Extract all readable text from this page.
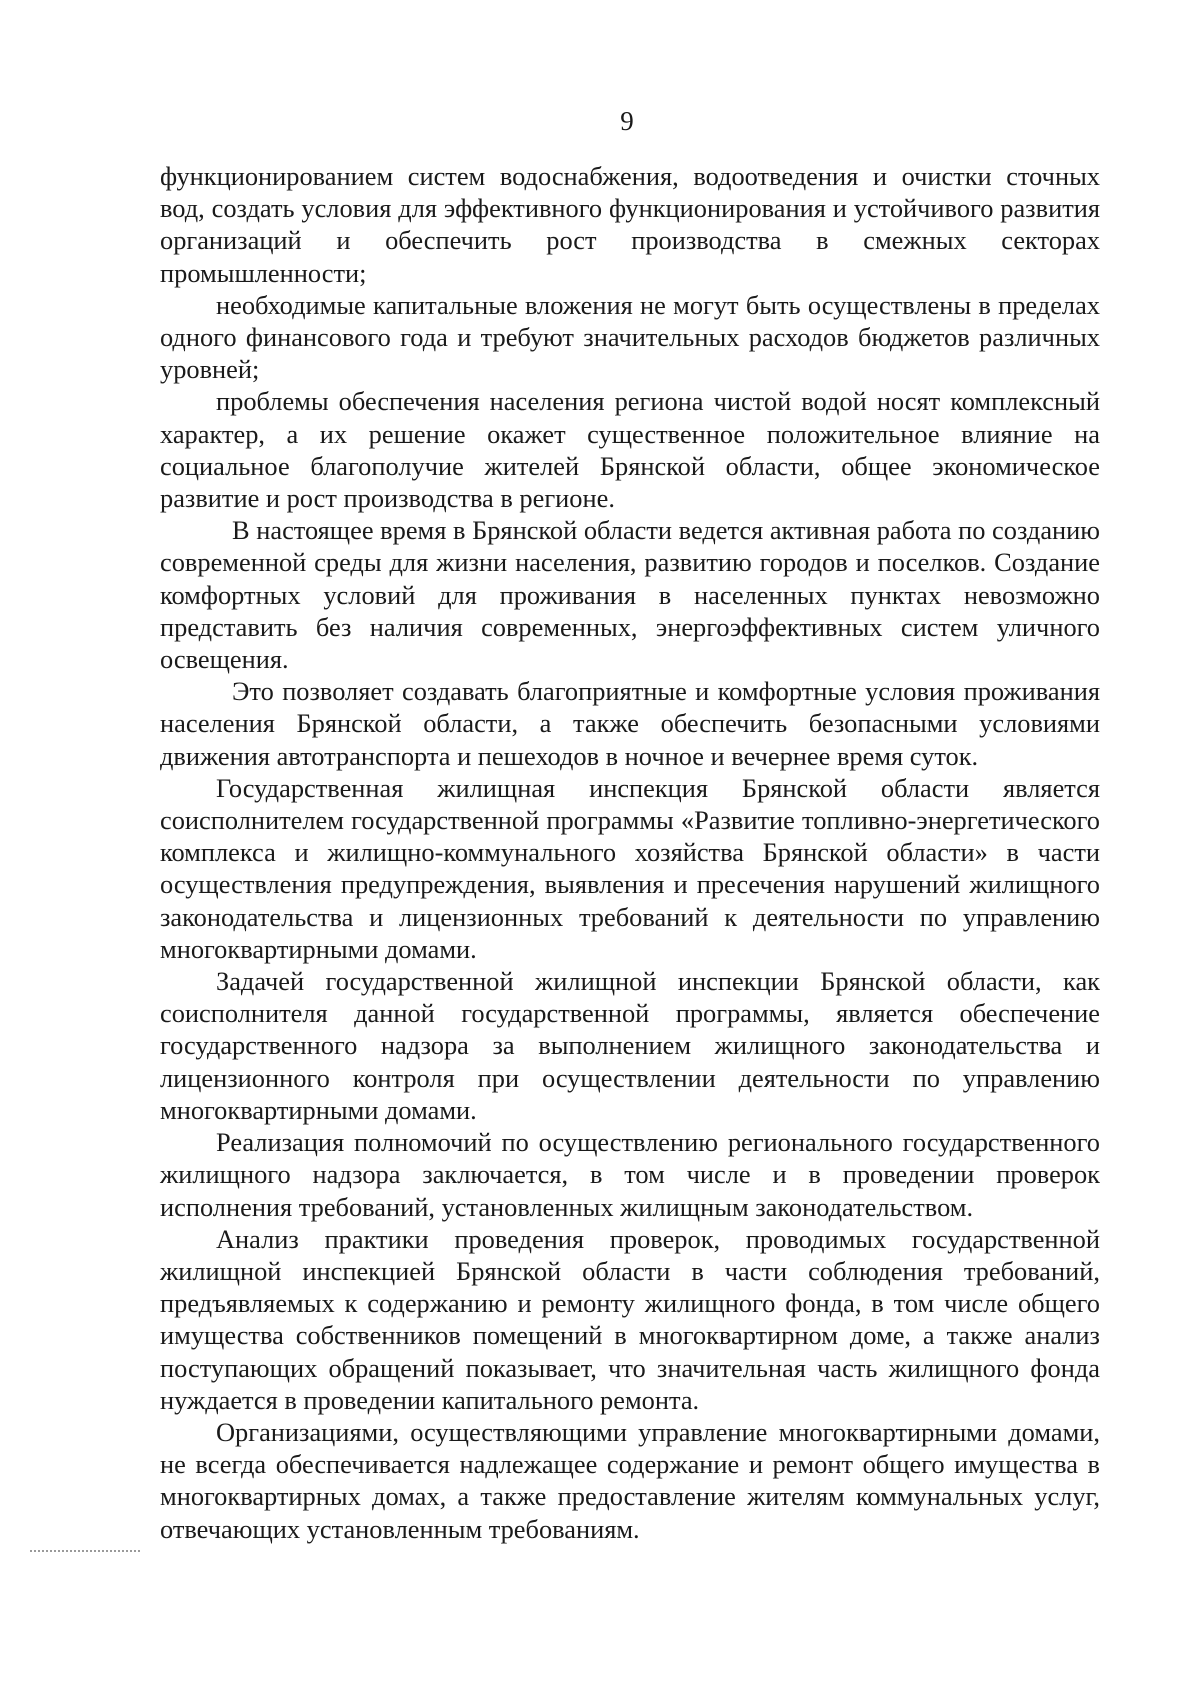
9

функционированием систем водоснабжения, водоотведения и очистки сточных вод, создать условия для эффективного функционирования и устойчивого развития организаций и обеспечить рост производства в смежных секторах промышленности;

необходимые капитальные вложения не могут быть осуществлены в пределах одного финансового года и требуют значительных расходов бюджетов различных уровней;

проблемы обеспечения населения региона чистой водой носят комплексный характер, а их решение окажет существенное положительное влияние на социальное благополучие жителей Брянской области, общее экономическое развитие и рост производства в регионе.

В настоящее время в Брянской области ведется активная работа по созданию современной среды для жизни населения, развитию городов и поселков. Создание комфортных условий для проживания в населенных пунктах невозможно представить без наличия современных, энергоэффективных систем уличного освещения.

Это позволяет создавать благоприятные и комфортные условия проживания населения Брянской области, а также обеспечить безопасными условиями движения автотранспорта и пешеходов в ночное и вечернее время суток.

Государственная жилищная инспекция Брянской области является соисполнителем государственной программы «Развитие топливно-энергетического комплекса и жилищно-коммунального хозяйства Брянской области» в части осуществления предупреждения, выявления и пресечения нарушений жилищного законодательства и лицензионных требований к деятельности по управлению многоквартирными домами.

Задачей государственной жилищной инспекции Брянской области, как соисполнителя данной государственной программы, является обеспечение государственного надзора за выполнением жилищного законодательства и лицензионного контроля при осуществлении деятельности по управлению многоквартирными домами.

Реализация полномочий по осуществлению регионального государственного жилищного надзора заключается, в том числе и в проведении проверок исполнения требований, установленных жилищным законодательством.

Анализ практики проведения проверок, проводимых государственной жилищной инспекцией Брянской области в части соблюдения требований, предъявляемых к содержанию и ремонту жилищного фонда, в том числе общего имущества собственников помещений в многоквартирном доме, а также анализ поступающих обращений показывает, что значительная часть жилищного фонда нуждается в проведении капитального ремонта.

Организациями, осуществляющими управление многоквартирными домами, не всегда обеспечивается надлежащее содержание и ремонт общего имущества в многоквартирных домах, а также предоставление жителям коммунальных услуг, отвечающих установленным требованиям.
